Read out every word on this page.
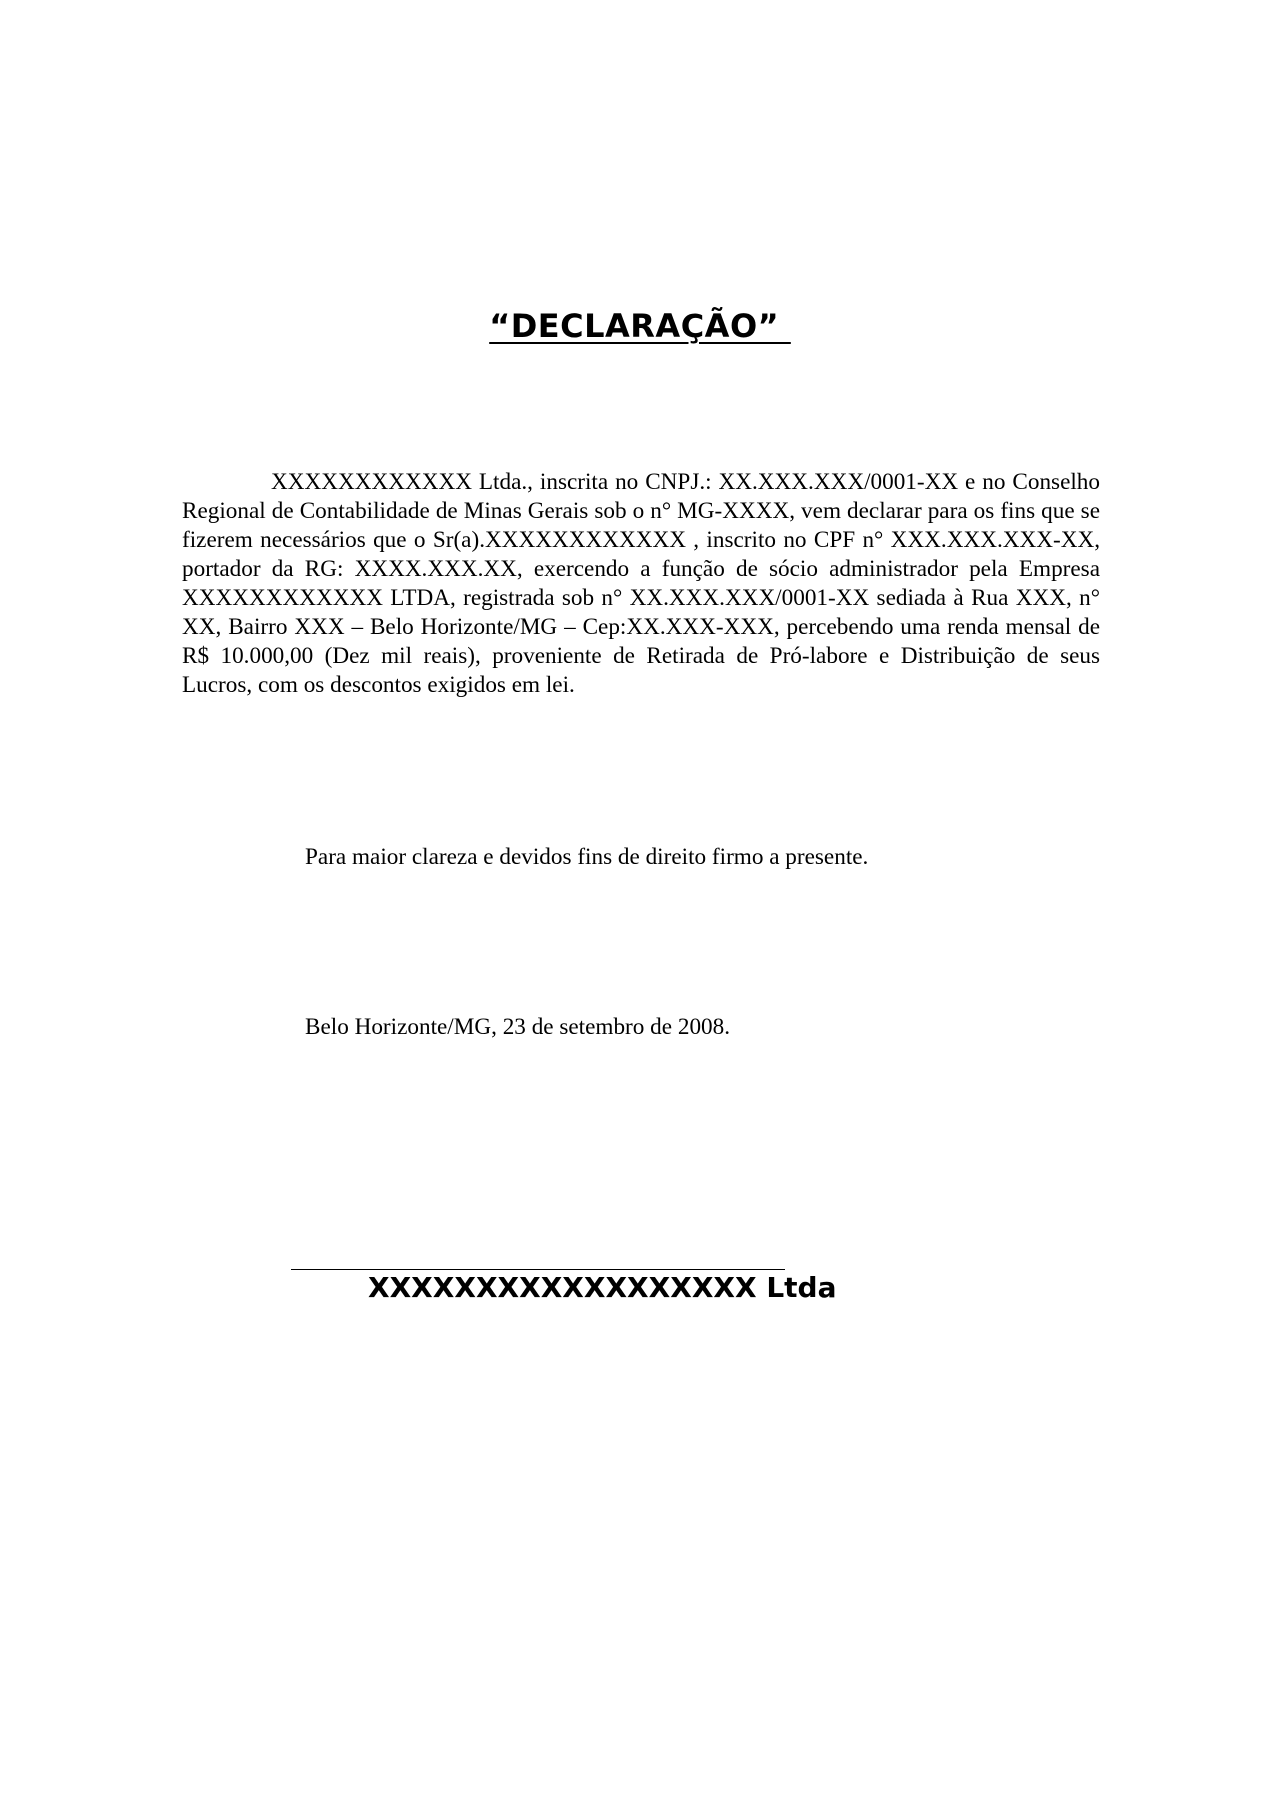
“DECLARAÇÃO”

XXXXXXXXXXXX Ltda., inscrita no CNPJ.: XX.XXX.XXX/0001-XX e no Conselho Regional de Contabilidade de Minas Gerais sob o n° MG-XXXX, vem declarar para os fins que se fizerem necessários que o Sr(a).XXXXXXXXXXXX , inscrito no CPF n° XXX.XXX.XXX-XX, portador da RG: XXXX.XXX.XX, exercendo a função de sócio administrador pela Empresa XXXXXXXXXXXX LTDA, registrada sob n° XX.XXX.XXX/0001-XX sediada à Rua XXX, n° XX, Bairro XXX – Belo Horizonte/MG – Cep:XX.XXX-XXX, percebendo uma renda mensal de R$ 10.000,00 (Dez mil reais), proveniente de Retirada de Pró-labore e Distribuição de seus Lucros, com os descontos exigidos em lei.

Para maior clareza e devidos fins de direito firmo a presente.

Belo Horizonte/MG, 23 de setembro de 2008.

XXXXXXXXXXXXXXXXXX Ltda
